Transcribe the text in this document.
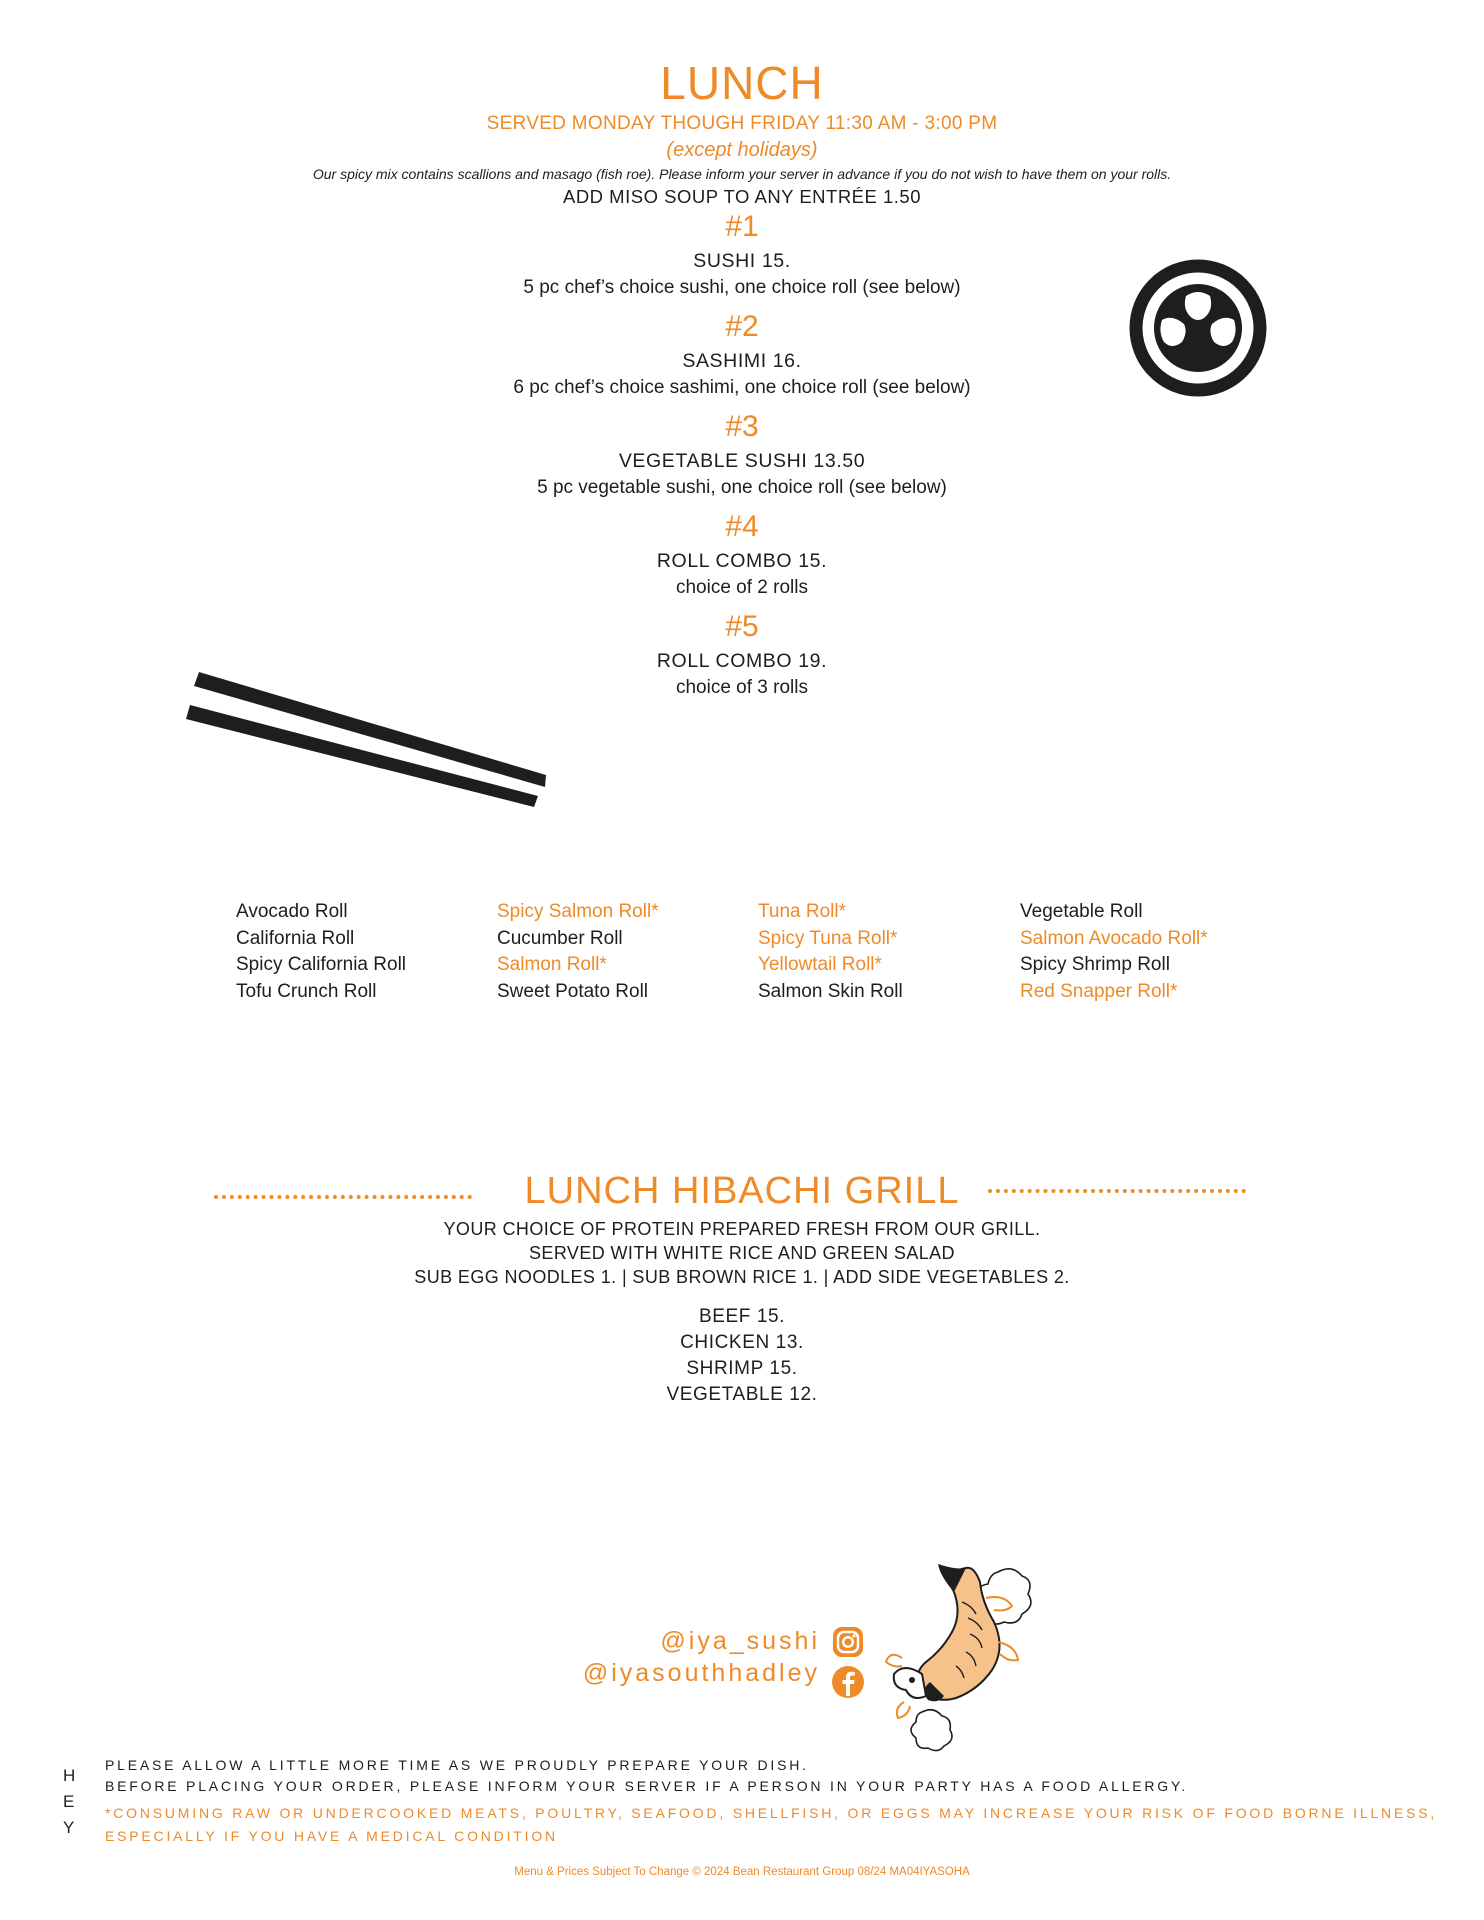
LUNCH
SERVED MONDAY THOUGH FRIDAY 11:30 AM - 3:00 PM
(except holidays)
Our spicy mix contains scallions and masago (fish roe). Please inform your server in advance if you do not wish to have them on your rolls.
ADD MISO SOUP TO ANY ENTRÉE 1.50
#1
SUSHI 15.
5 pc chef’s choice sushi, one choice roll (see below)
#2
SASHIMI 16.
6 pc chef’s choice sashimi, one choice roll (see below)
#3
VEGETABLE SUSHI 13.50
5 pc vegetable sushi, one choice roll (see below)
#4
ROLL COMBO 15.
choice of 2 rolls
#5
ROLL COMBO 19.
choice of 3 rolls
Avocado Roll
California Roll
Spicy California Roll
Tofu Crunch Roll
Spicy Salmon Roll*
Cucumber Roll
Salmon Roll*
Sweet Potato Roll
Tuna Roll*
Spicy Tuna Roll*
Yellowtail Roll*
Salmon Skin Roll
Vegetable Roll
Salmon Avocado Roll*
Spicy Shrimp Roll
Red Snapper Roll*
LUNCH HIBACHI GRILL
YOUR CHOICE OF PROTEIN PREPARED FRESH FROM OUR GRILL.
SERVED WITH WHITE RICE AND GREEN SALAD
SUB EGG NOODLES 1. | SUB BROWN RICE 1. | ADD SIDE VEGETABLES 2.
BEEF 15.
CHICKEN 13.
SHRIMP 15.
VEGETABLE 12.
@iya_sushi
@iyasouthhadley
H
E
Y
PLEASE ALLOW A LITTLE MORE TIME AS WE PROUDLY PREPARE YOUR DISH.
BEFORE PLACING YOUR ORDER, PLEASE INFORM YOUR SERVER IF A PERSON IN YOUR PARTY HAS A FOOD ALLERGY.
*CONSUMING RAW OR UNDERCOOKED MEATS, POULTRY, SEAFOOD, SHELLFISH, OR EGGS MAY INCREASE YOUR RISK OF FOOD BORNE ILLNESS,
ESPECIALLY IF YOU HAVE A MEDICAL CONDITION
Menu & Prices Subject To Change © 2024 Bean Restaurant Group 08/24 MA04IYASOHA
